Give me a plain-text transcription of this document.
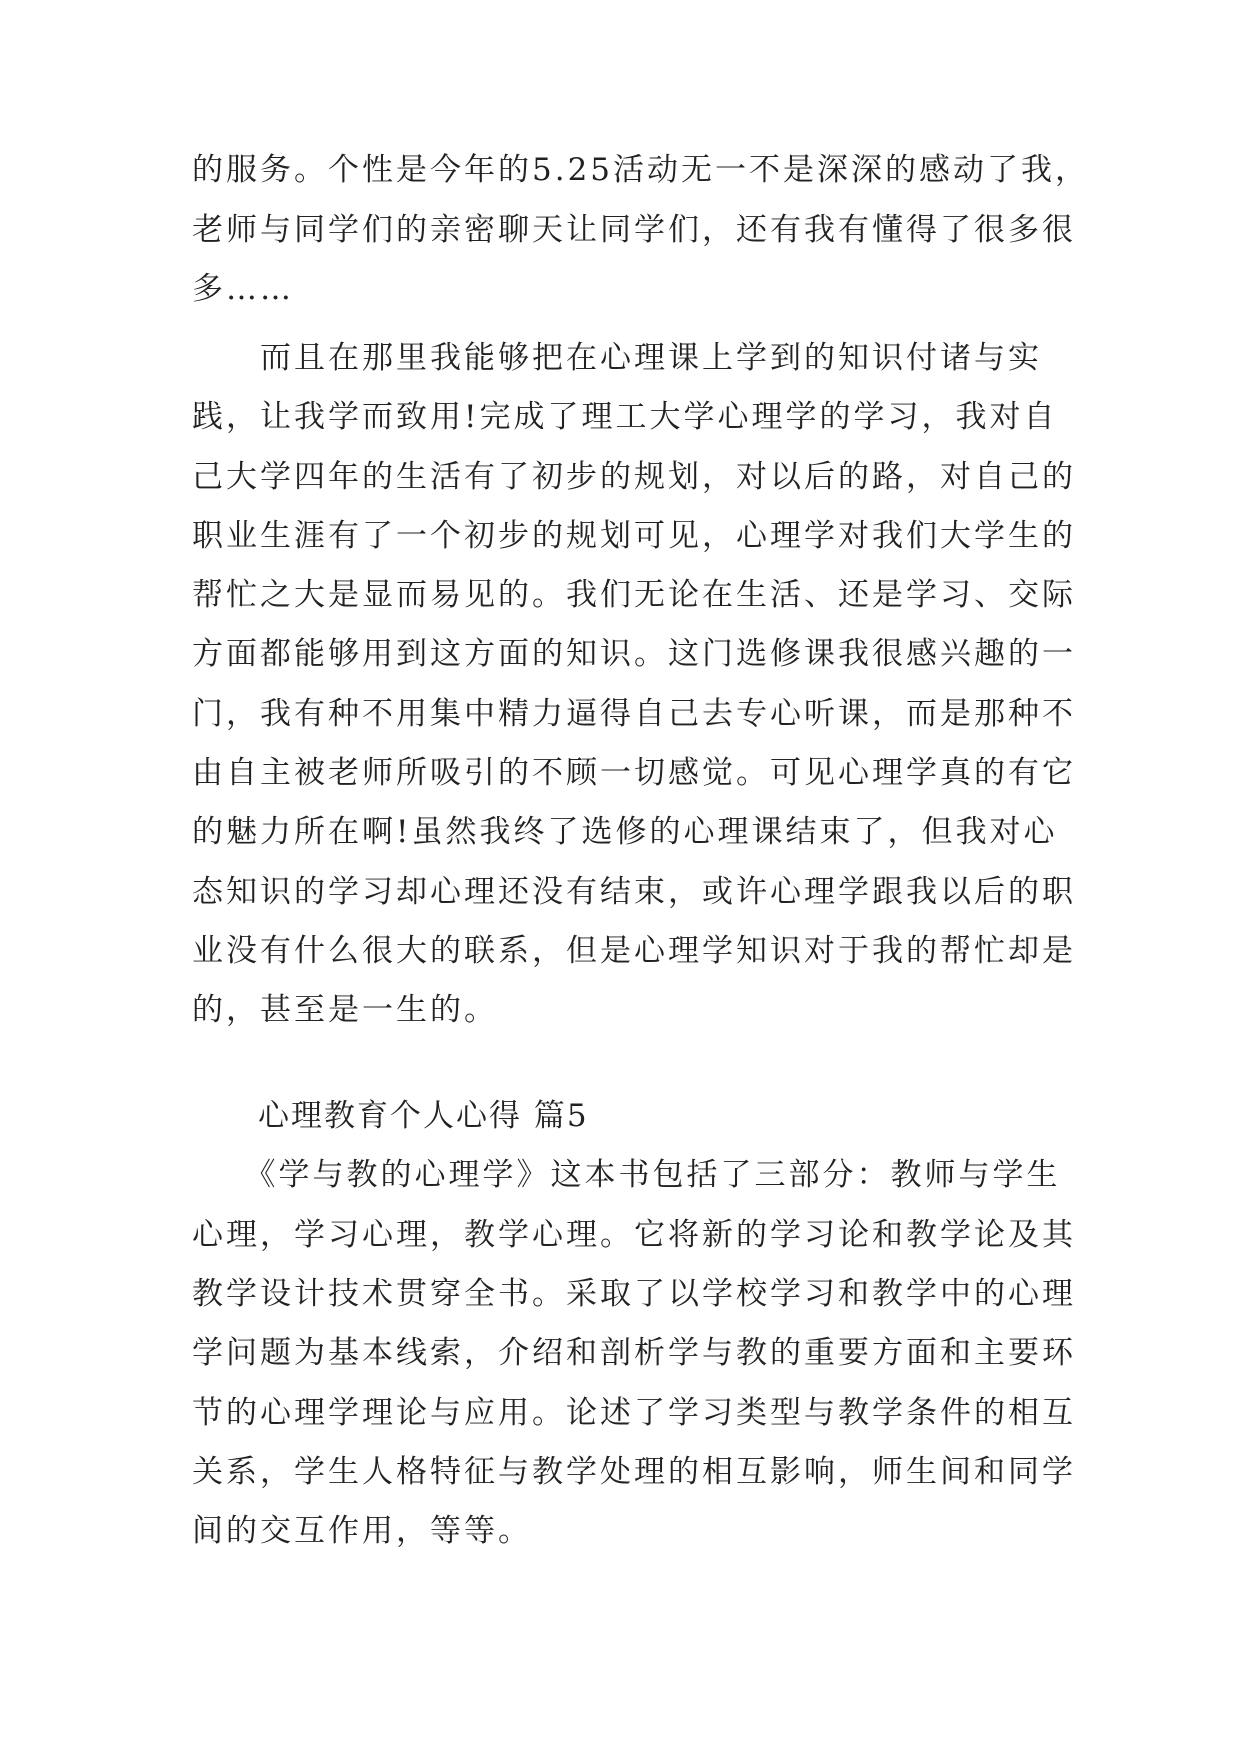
的服务。个性是今年的5.25活动无一不是深深的感动了我，
老师与同学们的亲密聊天让同学们，还有我有懂得了很多很
多……
　　而且在那里我能够把在心理课上学到的知识付诸与实
践，让我学而致用!完成了理工大学心理学的学习，我对自
己大学四年的生活有了初步的规划，对以后的路，对自己的
职业生涯有了一个初步的规划可见，心理学对我们大学生的
帮忙之大是显而易见的。我们无论在生活、还是学习、交际
方面都能够用到这方面的知识。这门选修课我很感兴趣的一
门，我有种不用集中精力逼得自己去专心听课，而是那种不
由自主被老师所吸引的不顾一切感觉。可见心理学真的有它
的魅力所在啊!虽然我终了选修的心理课结束了，但我对心
态知识的学习却心理还没有结束，或许心理学跟我以后的职
业没有什么很大的联系，但是心理学知识对于我的帮忙却是
的，甚至是一生的。
　　心理教育个人心得 篇5
　　《学与教的心理学》这本书包括了三部分：教师与学生
心理，学习心理，教学心理。它将新的学习论和教学论及其
教学设计技术贯穿全书。采取了以学校学习和教学中的心理
学问题为基本线索，介绍和剖析学与教的重要方面和主要环
节的心理学理论与应用。论述了学习类型与教学条件的相互
关系，学生人格特征与教学处理的相互影响，师生间和同学
间的交互作用，等等。
